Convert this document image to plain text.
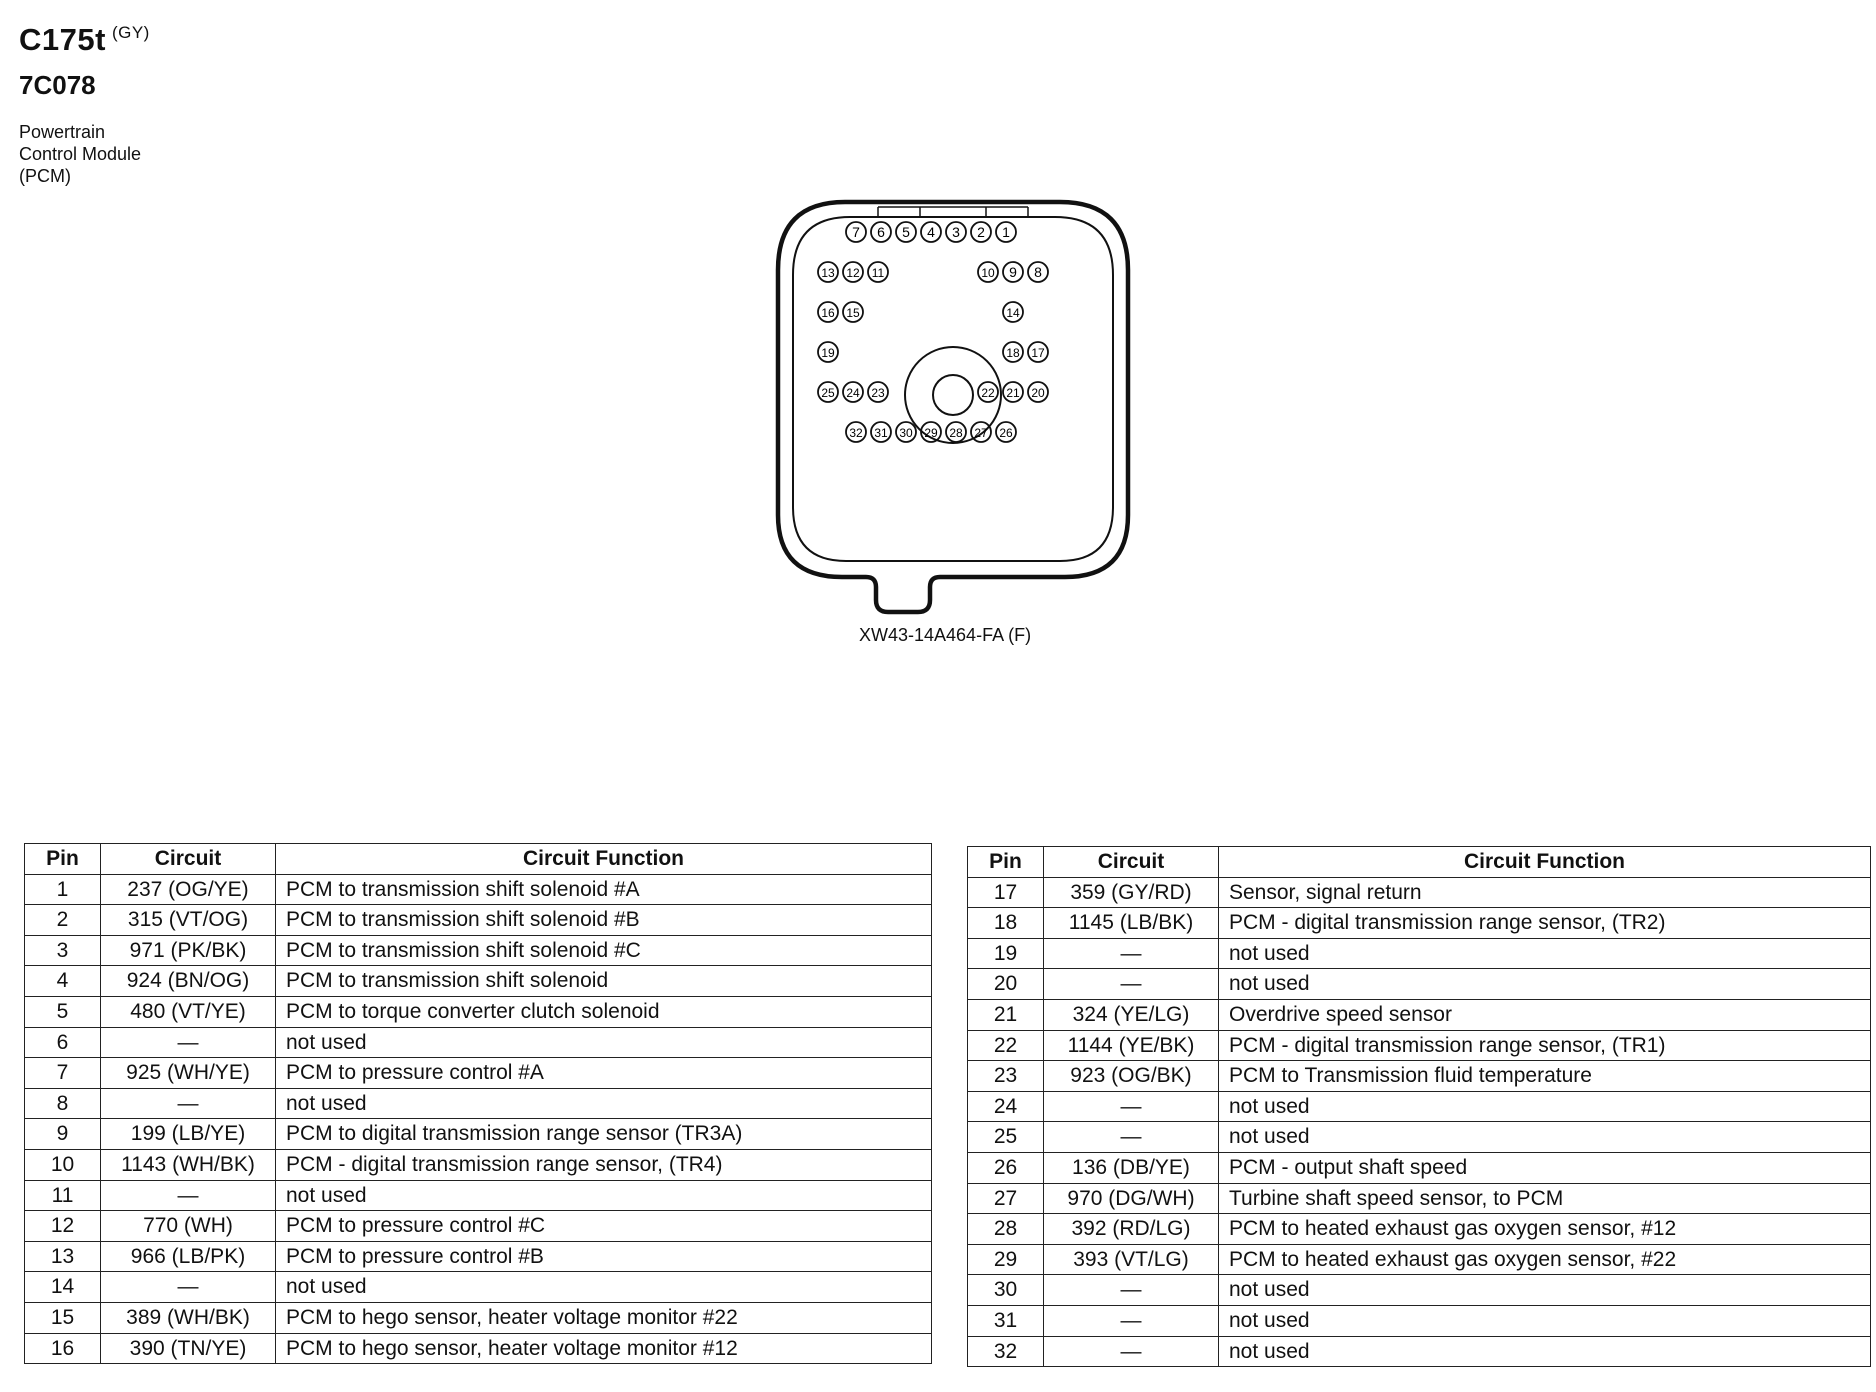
C175t $^{(GY)}$
7C078
Powertrain
Control Module
(PCM)
7 6 5 4 3 2 1
13 12 11	10 9 8
16 15	14
19	18 17
25 24 23	22 21 20
32 31 30 29 28 27 26
XW43-14A464-FA (F)
Pin	Circuit	Circuit Function
1	237 (OG/YE)	PCM to transmission shift solenoid #A
2	315 (VT/OG)	PCM to transmission shift solenoid #B
3	971 (PK/BK)	PCM to transmission shift solenoid #C
4	924 (BN/OG)	PCM to transmission shift solenoid
5	480 (VT/YE)	PCM to torque converter clutch solenoid
6	—	not used
7	925 (WH/YE)	PCM to pressure control #A
8	—	not used
9	199 (LB/YE)	PCM to digital transmission range sensor (TR3A)
10	1143 (WH/BK)	PCM - digital transmission range sensor, (TR4)
11	—	not used
12	770 (WH)	PCM to pressure control #C
13	966 (LB/PK)	PCM to pressure control #B
14	—	not used
15	389 (WH/BK)	PCM to hego sensor, heater voltage monitor #22
16	390 (TN/YE)	PCM to hego sensor, heater voltage monitor #12
Pin	Circuit	Circuit Function
17	359 (GY/RD)	Sensor, signal return
18	1145 (LB/BK)	PCM - digital transmission range sensor, (TR2)
19	—	not used
20	—	not used
21	324 (YE/LG)	Overdrive speed sensor
22	1144 (YE/BK)	PCM - digital transmission range sensor, (TR1)
23	923 (OG/BK)	PCM to Transmission fluid temperature
24	—	not used
25	—	not used
26	136 (DB/YE)	PCM - output shaft speed
27	970 (DG/WH)	Turbine shaft speed sensor, to PCM
28	392 (RD/LG)	PCM to heated exhaust gas oxygen sensor, #12
29	393 (VT/LG)	PCM to heated exhaust gas oxygen sensor, #22
30	—	not used
31	—	not used
32	—	not used
